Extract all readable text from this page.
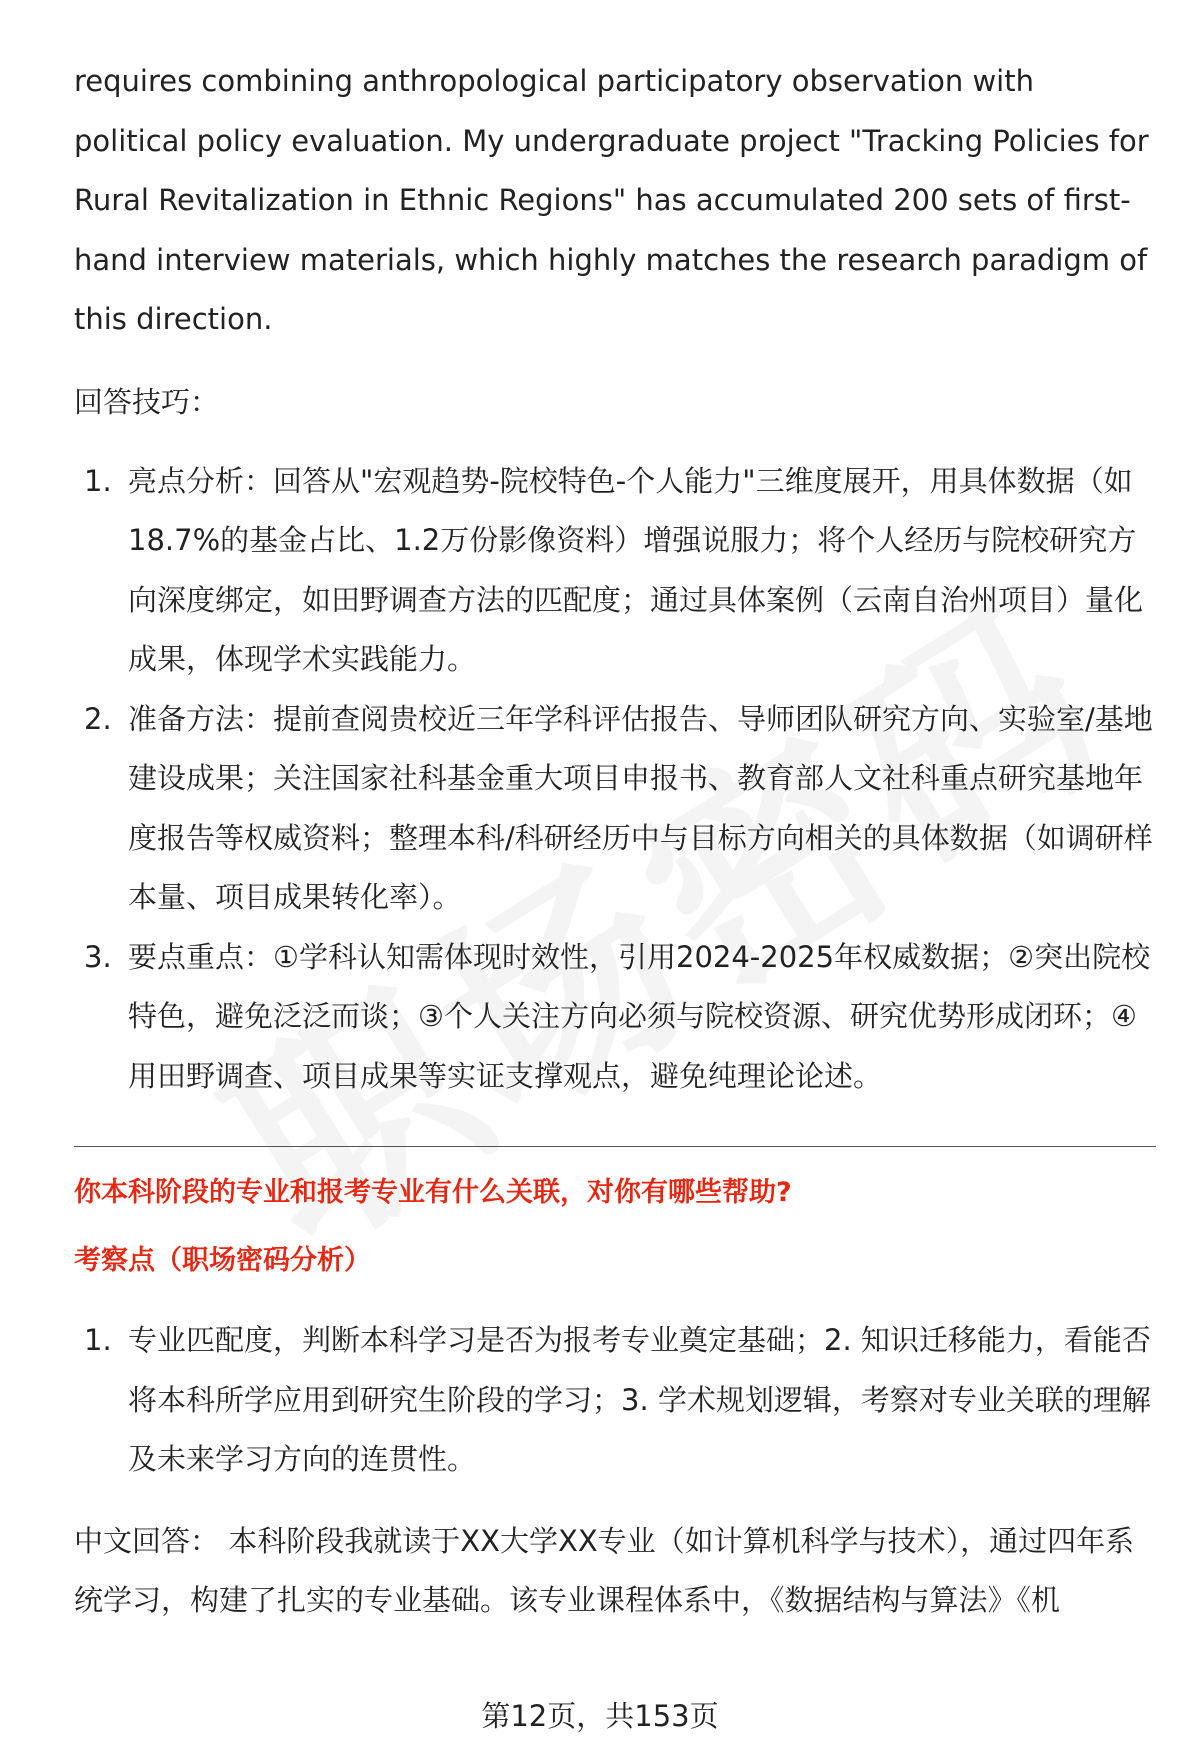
requires combining anthropological participatory observation with political policy evaluation. My undergraduate project "Tracking Policies for Rural Revitalization in Ethnic Regions" has accumulated 200 sets of first-hand interview materials, which highly matches the research paradigm of this direction.

回答技巧：
1. 亮点分析：回答从"宏观趋势-院校特色-个人能力"三维度展开，用具体数据（如18.7%的基金占比、1.2万份影像资料）增强说服力；将个人经历与院校研究方向深度绑定，如田野调查方法的匹配度；通过具体案例（云南自治州项目）量化成果，体现学术实践能力。
2. 准备方法：提前查阅贵校近三年学科评估报告、导师团队研究方向、实验室/基地建设成果；关注国家社科基金重大项目申报书、教育部人文社科重点研究基地年度报告等权威资料；整理本科/科研经历中与目标方向相关的具体数据（如调研样本量、项目成果转化率）。
3. 要点重点：①学科认知需体现时效性，引用2024-2025年权威数据；②突出院校特色，避免泛泛而谈；③个人关注方向必须与院校资源、研究优势形成闭环；④用田野调查、项目成果等实证支撑观点，避免纯理论论述。
你本科阶段的专业和报考专业有什么关联，对你有哪些帮助?
考察点（职场密码分析）
1. 专业匹配度，判断本科学习是否为报考专业奠定基础；2. 知识迁移能力，看能否将本科所学应用到研究生阶段的学习；3. 学术规划逻辑，考察对专业关联的理解及未来学习方向的连贯性。

中文回答： 本科阶段我就读于XX大学XX专业（如计算机科学与技术），通过四年系统学习，构建了扎实的专业基础。该专业课程体系中，《数据结构与算法》《机

第12页，共153页
